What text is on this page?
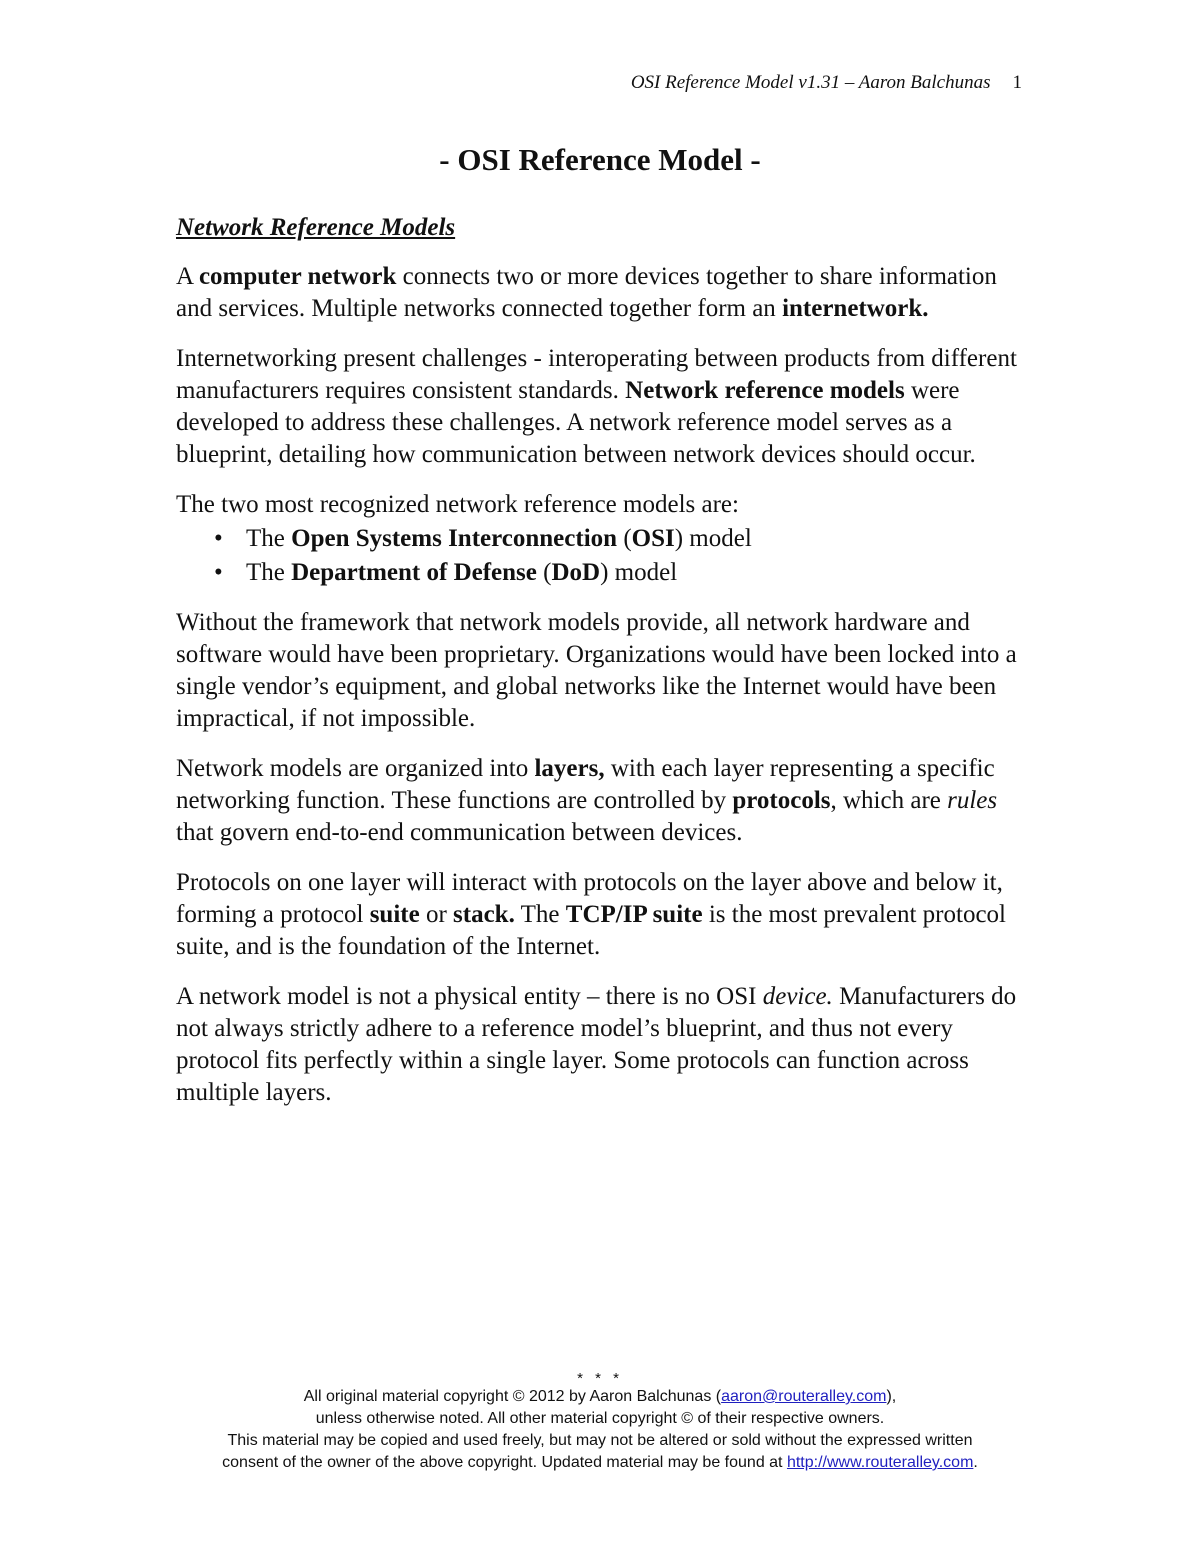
OSI Reference Model v1.31 – Aaron Balchunas 1
- OSI Reference Model -
Network Reference Models

A computer network connects two or more devices together to share information and services. Multiple networks connected together form an internetwork.

Internetworking present challenges - interoperating between products from different manufacturers requires consistent standards. Network reference models were developed to address these challenges. A network reference model serves as a blueprint, detailing how communication between network devices should occur.

The two most recognized network reference models are:

• The Open Systems Interconnection (OSI) model
• The Department of Defense (DoD) model

Without the framework that network models provide, all network hardware and software would have been proprietary. Organizations would have been locked into a single vendor’s equipment, and global networks like the Internet would have been impractical, if not impossible.

Network models are organized into layers, with each layer representing a specific networking function. These functions are controlled by protocols, which are rules that govern end-to-end communication between devices.

Protocols on one layer will interact with protocols on the layer above and below it, forming a protocol suite or stack. The TCP/IP suite is the most prevalent protocol suite, and is the foundation of the Internet.

A network model is not a physical entity – there is no OSI device. Manufacturers do not always strictly adhere to a reference model’s blueprint, and thus not every protocol fits perfectly within a single layer. Some protocols can function across multiple layers.

* * *
All original material copyright © 2012 by Aaron Balchunas (aaron@routeralley.com),
unless otherwise noted. All other material copyright © of their respective owners.
This material may be copied and used freely, but may not be altered or sold without the expressed written
consent of the owner of the above copyright. Updated material may be found at http://www.routeralley.com.
